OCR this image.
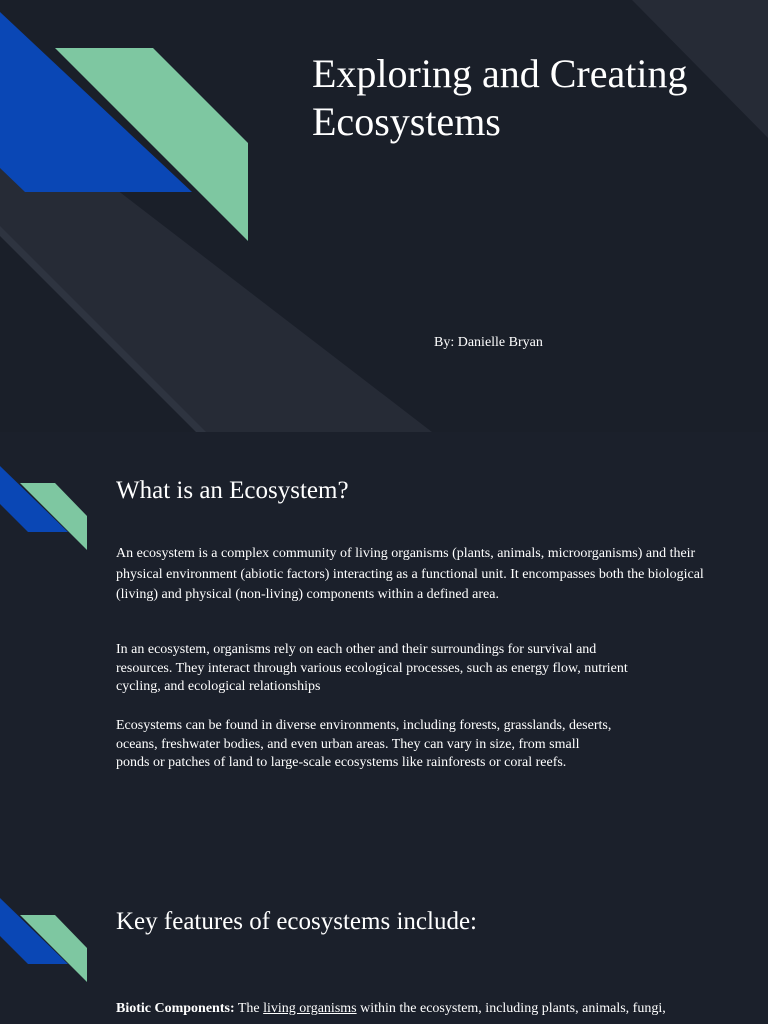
Exploring and Creating Ecosystems
By: Danielle Bryan
What is an Ecosystem?

An ecosystem is a complex community of living organisms (plants, animals, microorganisms) and their physical environment (abiotic factors) interacting as a functional unit. It encompasses both the biological (living) and physical (non-living) components within a defined area.

In an ecosystem, organisms rely on each other and their surroundings for survival and resources. They interact through various ecological processes, such as energy flow, nutrient cycling, and ecological relationships

Ecosystems can be found in diverse environments, including forests, grasslands, deserts, oceans, freshwater bodies, and even urban areas. They can vary in size, from small ponds or patches of land to large-scale ecosystems like rainforests or coral reefs.

Key features of ecosystems include:

Biotic Components: The living organisms within the ecosystem, including plants, animals, fungi,
